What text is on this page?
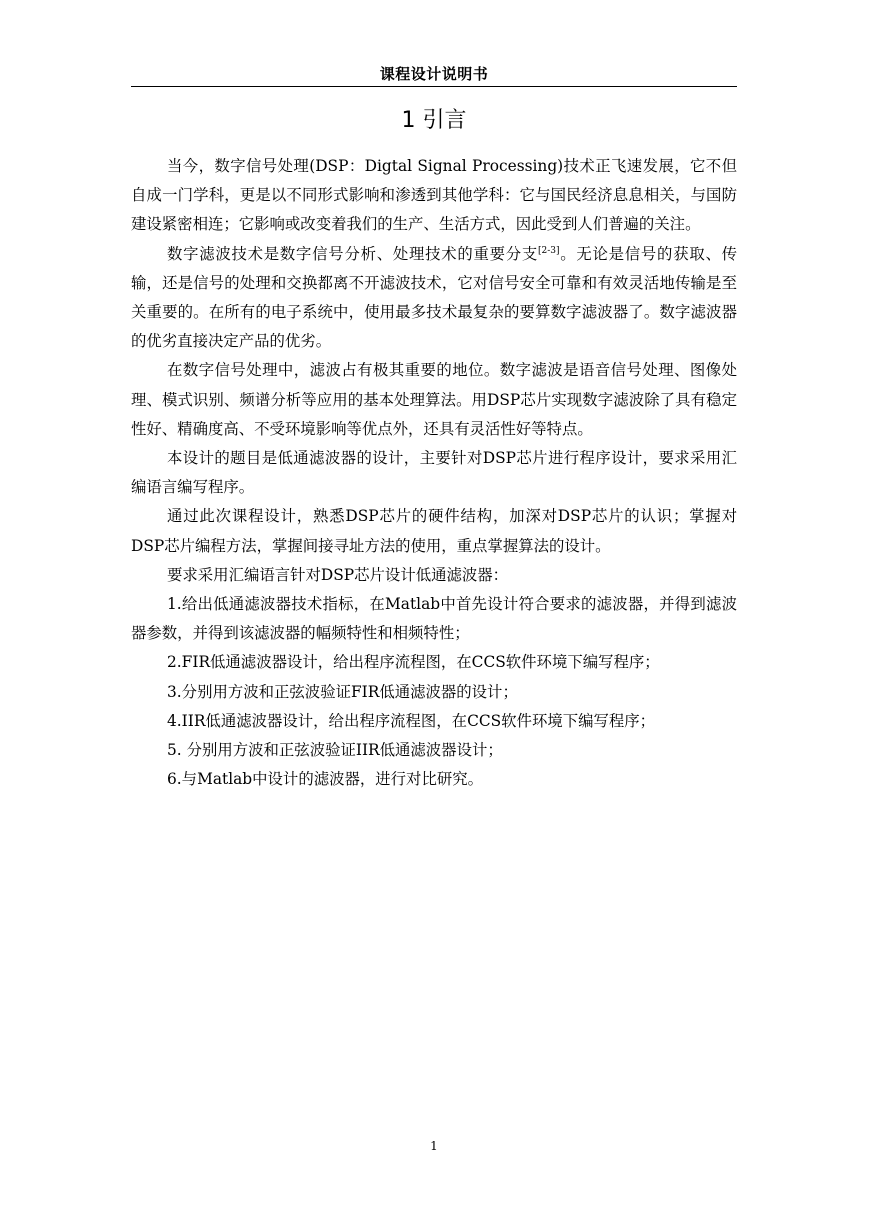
课程设计说明书
1 引言

当今，数字信号处理(DSP：Digtal Signal Processing)技术正飞速发展，它不但自成一门学科，更是以不同形式影响和渗透到其他学科：它与国民经济息息相关，与国防建设紧密相连；它影响或改变着我们的生产、生活方式，因此受到人们普遍的关注。

数字滤波技术是数字信号分析、处理技术的重要分支[2-3]。无论是信号的获取、传输，还是信号的处理和交换都离不开滤波技术，它对信号安全可靠和有效灵活地传输是至关重要的。在所有的电子系统中，使用最多技术最复杂的要算数字滤波器了。数字滤波器的优劣直接决定产品的优劣。

在数字信号处理中，滤波占有极其重要的地位。数字滤波是语音信号处理、图像处理、模式识别、频谱分析等应用的基本处理算法。用DSP芯片实现数字滤波除了具有稳定性好、精确度高、不受环境影响等优点外，还具有灵活性好等特点。

本设计的题目是低通滤波器的设计，主要针对DSP芯片进行程序设计，要求采用汇编语言编写程序。

通过此次课程设计，熟悉DSP芯片的硬件结构，加深对DSP芯片的认识；掌握对DSP芯片编程方法，掌握间接寻址方法的使用，重点掌握算法的设计。

要求采用汇编语言针对DSP芯片设计低通滤波器：

1.给出低通滤波器技术指标，在Matlab中首先设计符合要求的滤波器，并得到滤波器参数，并得到该滤波器的幅频特性和相频特性；

2.FIR低通滤波器设计，给出程序流程图，在CCS软件环境下编写程序；

3.分别用方波和正弦波验证FIR低通滤波器的设计；

4.IIR低通滤波器设计，给出程序流程图，在CCS软件环境下编写程序；

5. 分别用方波和正弦波验证IIR低通滤波器设计；

6.与Matlab中设计的滤波器，进行对比研究。

1
